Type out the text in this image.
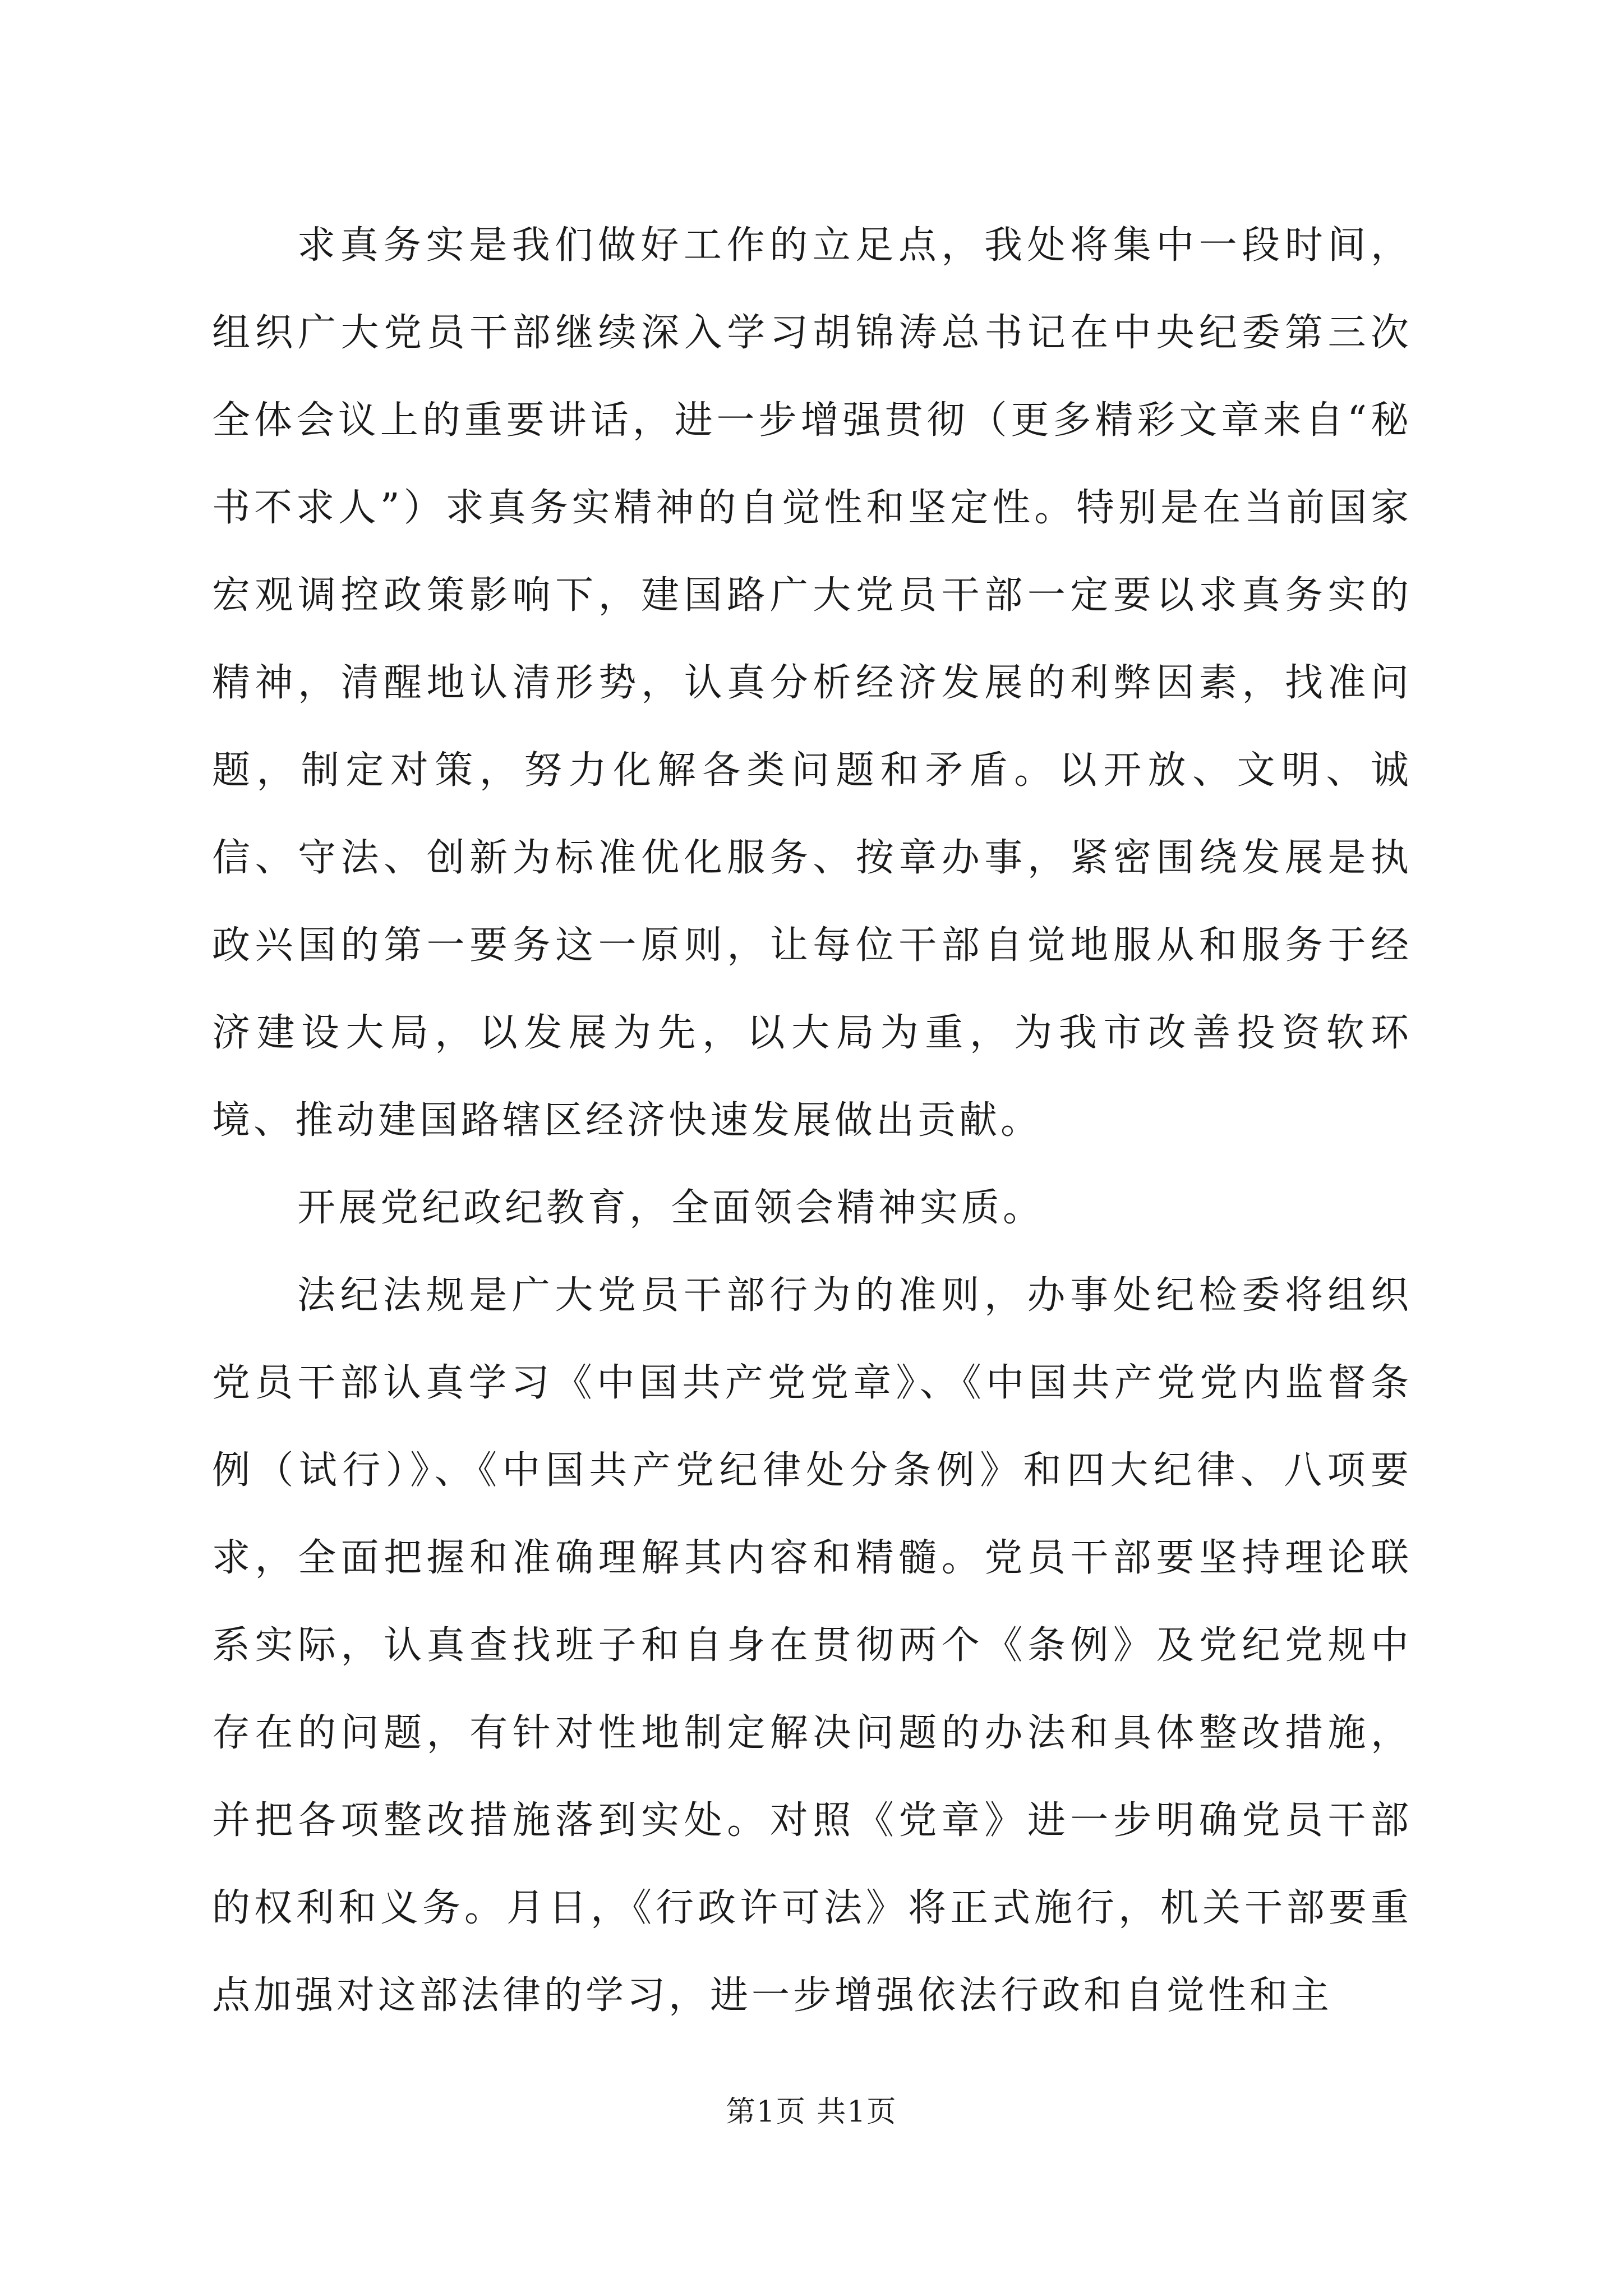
求真务实是我们做好工作的立足点，我处将集中一段时间，组织广大党员干部继续深入学习胡锦涛总书记在中央纪委第三次全体会议上的重要讲话，进一步增强贯彻（更多精彩文章来自“秘书不求人”）求真务实精神的自觉性和坚定性。特别是在当前国家宏观调控政策影响下，建国路广大党员干部一定要以求真务实的精神，清醒地认清形势，认真分析经济发展的利弊因素，找准问题，制定对策，努力化解各类问题和矛盾。以开放、文明、诚信、守法、创新为标准优化服务、按章办事，紧密围绕发展是执政兴国的第一要务这一原则，让每位干部自觉地服从和服务于经济建设大局，以发展为先，以大局为重，为我市改善投资软环境、推动建国路辖区经济快速发展做出贡献。

开展党纪政纪教育，全面领会精神实质。

法纪法规是广大党员干部行为的准则，办事处纪检委将组织党员干部认真学习《中国共产党党章》、《中国共产党党内监督条例（试行）》、《中国共产党纪律处分条例》和四大纪律、八项要求，全面把握和准确理解其内容和精髓。党员干部要坚持理论联系实际，认真查找班子和自身在贯彻两个《条例》及党纪党规中存在的问题，有针对性地制定解决问题的办法和具体整改措施，并把各项整改措施落到实处。对照《党章》进一步明确党员干部的权利和义务。月日，《行政许可法》将正式施行，机关干部要重点加强对这部法律的学习，进一步增强依法行政和自觉性和主

第1页 共1页
